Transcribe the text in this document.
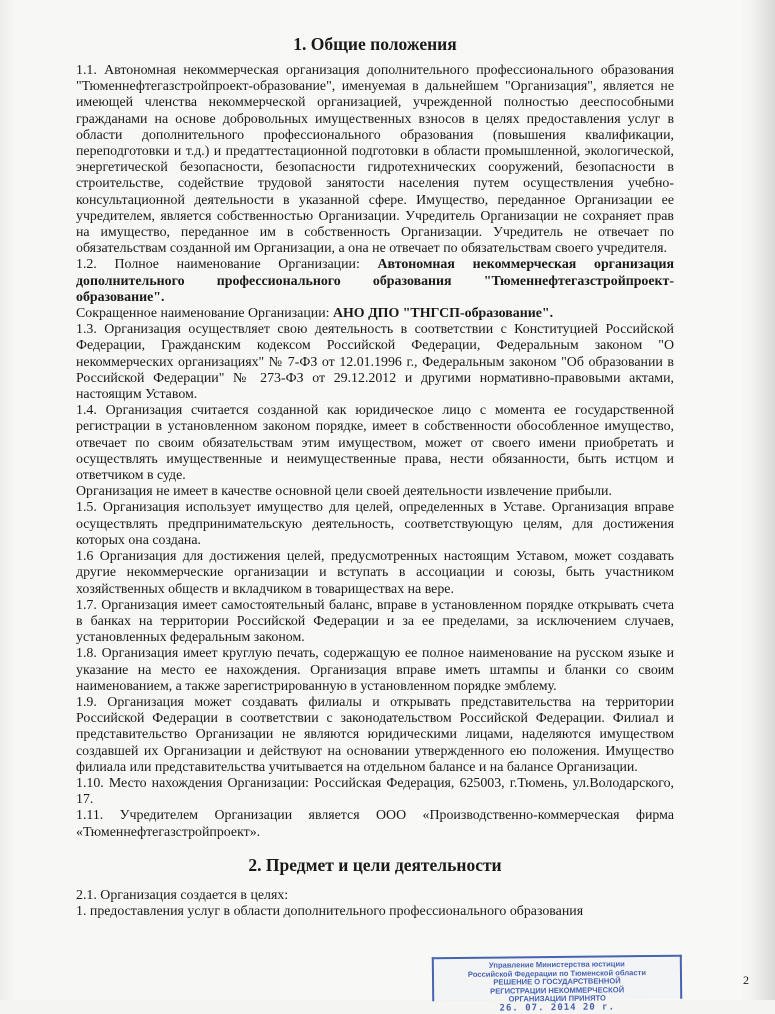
1. Общие положения

1.1. Автономная некоммерческая организация дополнительного профессионального образования "Тюменнефтегазстройпроект-образование", именуемая в дальнейшем "Организация", является не имеющей членства некоммерческой организацией, учрежденной полностью дееспособными гражданами на основе добровольных имущественных взносов в целях предоставления услуг в области дополнительного профессионального образования (повышения квалификации, переподготовки и т.д.) и предаттестационной подготовки в области промышленной, экологической, энергетической безопасности, безопасности гидротехнических сооружений, безопасности в строительстве, содействие трудовой занятости населения путем осуществления учебно-консультационной деятельности в указанной сфере. Имущество, переданное Организации ее учредителем, является собственностью Организации. Учредитель Организации не сохраняет прав на имущество, переданное им в собственность Организации. Учредитель не отвечает по обязательствам созданной им Организации, а она не отвечает по обязательствам своего учредителя.

1.2. Полное наименование Организации: Автономная некоммерческая организация дополнительного профессионального образования "Тюменнефтегазстройпроект-образование".

Сокращенное наименование Организации: АНО ДПО "ТНГСП-образование".

1.3. Организация осуществляет свою деятельность в соответствии с Конституцией Российской Федерации, Гражданским кодексом Российской Федерации, Федеральным законом "О некоммерческих организациях" № 7-ФЗ от 12.01.1996 г., Федеральным законом "Об образовании в Российской Федерации" № 273-ФЗ от 29.12.2012 и другими нормативно-правовыми актами, настоящим Уставом.

1.4. Организация считается созданной как юридическое лицо с момента ее государственной регистрации в установленном законом порядке, имеет в собственности обособленное имущество, отвечает по своим обязательствам этим имуществом, может от своего имени приобретать и осуществлять имущественные и неимущественные права, нести обязанности, быть истцом и ответчиком в суде.

Организация не имеет в качестве основной цели своей деятельности извлечение прибыли.

1.5. Организация использует имущество для целей, определенных в Уставе. Организация вправе осуществлять предпринимательскую деятельность, соответствующую целям, для достижения которых она создана.

1.6 Организация для достижения целей, предусмотренных настоящим Уставом, может создавать другие некоммерческие организации и вступать в ассоциации и союзы, быть участником хозяйственных обществ и вкладчиком в товариществах на вере.

1.7. Организация имеет самостоятельный баланс, вправе в установленном порядке открывать счета в банках на территории Российской Федерации и за ее пределами, за исключением случаев, установленных федеральным законом.

1.8. Организация имеет круглую печать, содержащую ее полное наименование на русском языке и указание на место ее нахождения. Организация вправе иметь штампы и бланки со своим наименованием, а также зарегистрированную в установленном порядке эмблему.

1.9. Организация может создавать филиалы и открывать представительства на территории Российской Федерации в соответствии с законодательством Российской Федерации. Филиал и представительство Организации не являются юридическими лицами, наделяются имуществом создавшей их Организации и действуют на основании утвержденного ею положения. Имущество филиала или представительства учитывается на отдельном балансе и на балансе Организации.

1.10. Место нахождения Организации: Российская Федерация, 625003, г.Тюмень, ул.Володарского, 17.

1.11. Учредителем Организации является ООО «Производственно-коммерческая фирма «Тюменнефтегазстройпроект».

2. Предмет и цели деятельности

2.1. Организация создается в целях:

1. предоставления услуг в области дополнительного профессионального образования

Управление Министерства юстиции
Российской Федерации по Тюменской области
РЕШЕНИЕ О ГОСУДАРСТВЕННОЙ
РЕГИСТРАЦИИ НЕКОММЕРЧЕСКОЙ
ОРГАНИЗАЦИИ ПРИНЯТО
26. 07. 2014 20 г.
2
